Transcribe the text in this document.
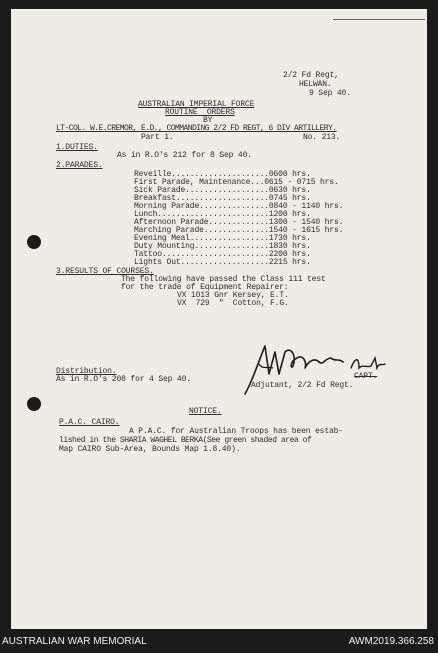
2/2 Fd Regt,
HELWAN.
9 Sep 40.
AUSTRALIAN IMPERIAL FORCE
ROUTINE  ORDERS
BY
LT-COL. W.E.CREMOR, E.D., COMMANDING 2/2 FD REGT, 6 DIV ARTILLERY.
Part 1.	No. 213.
1.DUTIES.
As in R.O's 212 for 8 Sep 40.
2.PARADES.
Reveille.....................0600 hrs.
First Parade, Maintenance...0615 - 0715 hrs.
Sick Parade..................0630 hrs.
Breakfast....................0745 hrs.
Morning Parade...............0840 - 1140 hrs.
Lunch........................1200 hrs.
Afternoon Parade.............1300 - 1540 hrs.
Marching Parade..............1540 - 1615 hrs.
Evening Meal.................1730 hrs.
Duty Mounting................1830 hrs.
Tattoo.......................2200 hrs.
Lights Out...................2215 hrs.
3.RESULTS OF COURSES.
The following have passed the Class 111 test
for the trade of Equipment Repairer:
VX 1013 Gnr Kersey, E.T.
VX  729  "  Cotton, F.G.
Distribution.
As in R.O's 208 for 4 Sep 40.	CAPT.
Adjutant, 2/2 Fd Regt.
NOTICE.
P.A.C. CAIRO.
A P.A.C. for Australian Troops has been estab-
lished in the SHARIA WAGHEL BERKA(See green shaded area of
Map CAIRO Sub-Area, Bounds Map 1.8.40).
AUSTRALIAN WAR MEMORIAL	AWM2019.366.258
